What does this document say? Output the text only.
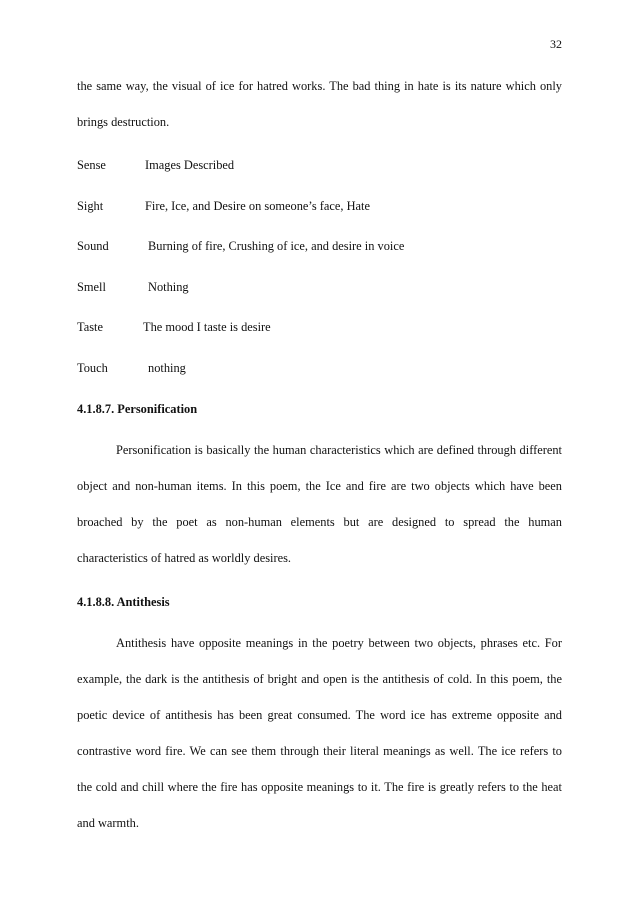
32

the same way, the visual of ice for hatred works. The bad thing in hate is its nature which only brings destruction.

Sense	Images Described
Sight	Fire, Ice, and Desire on someone’s face, Hate
Sound	Burning of fire, Crushing of ice, and desire in voice
Smell	Nothing
Taste	The mood I taste is desire
Touch	nothing
4.1.8.7. Personification

Personification is basically the human characteristics which are defined through different object and non-human items. In this poem, the Ice and fire are two objects which have been broached by the poet as non-human elements but are designed to spread the human characteristics of hatred as worldly desires.

4.1.8.8. Antithesis

Antithesis have opposite meanings in the poetry between two objects, phrases etc. For example, the dark is the antithesis of bright and open is the antithesis of cold. In this poem, the poetic device of antithesis has been great consumed. The word ice has extreme opposite and contrastive word fire. We can see them through their literal meanings as well. The ice refers to the cold and chill where the fire has opposite meanings to it. The fire is greatly refers to the heat and warmth.
